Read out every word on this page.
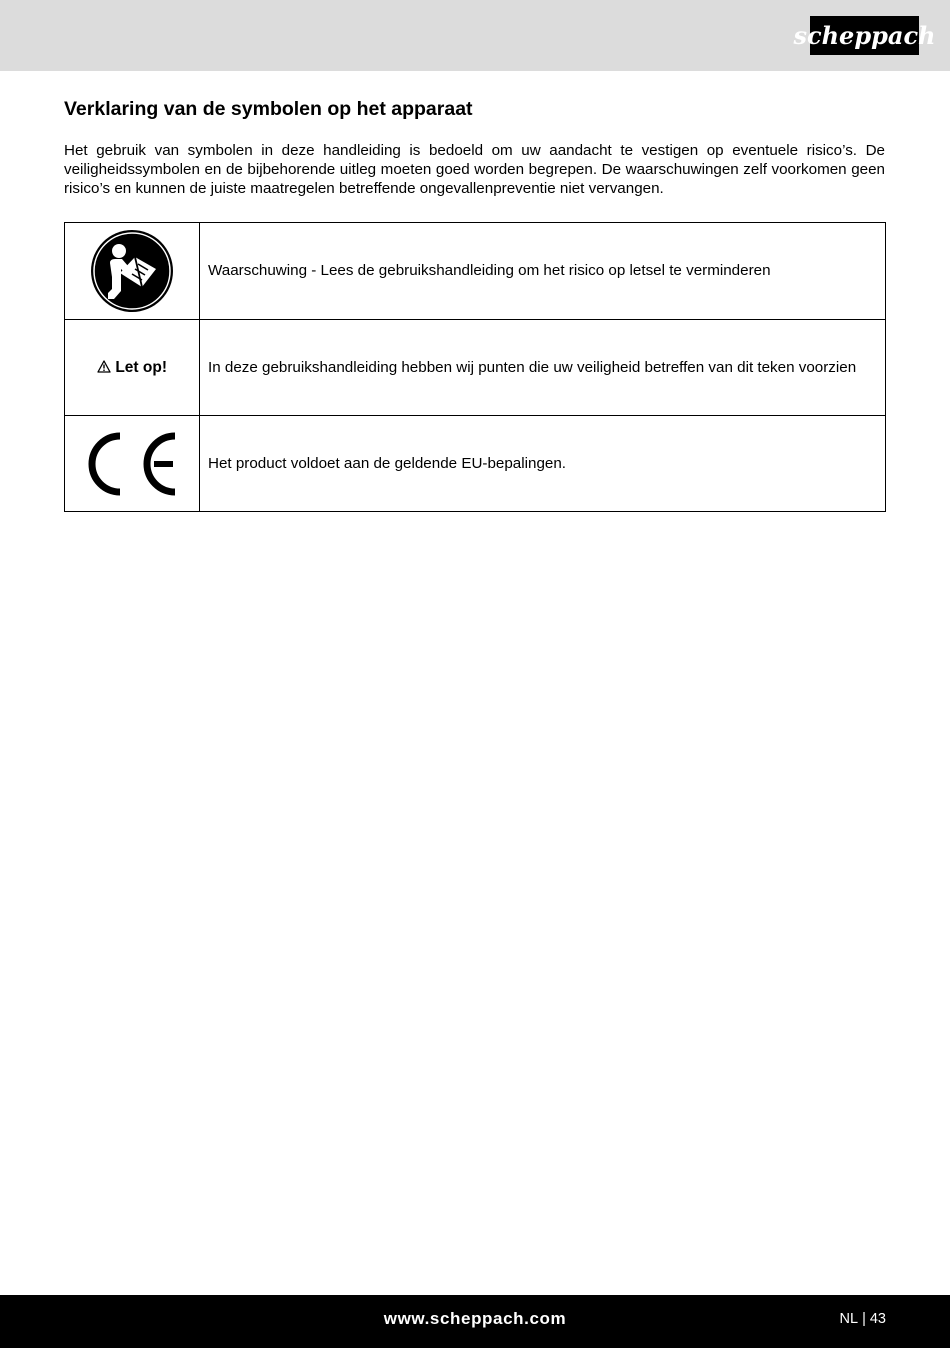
scheppach
Verklaring van de symbolen op het apparaat

Het gebruik van symbolen in deze handleiding is bedoeld om uw aandacht te vestigen op eventuele risico’s. De veiligheidssymbolen en de bijbehorende uitleg moeten goed worden begrepen. De waarschuwingen zelf voorkomen geen risico’s en kunnen de juiste maatregelen betreffende ongevallenpreventie niet vervangen.

	Waarschuwing - Lees de gebruikshandleiding om het risico op letsel te verminderen
Let op!	In deze gebruikshandleiding hebben wij punten die uw veiligheid betreffen van dit teken voorzien

	Het product voldoet aan de geldende EU-bepalingen.
www.scheppach.com	NL | 43
